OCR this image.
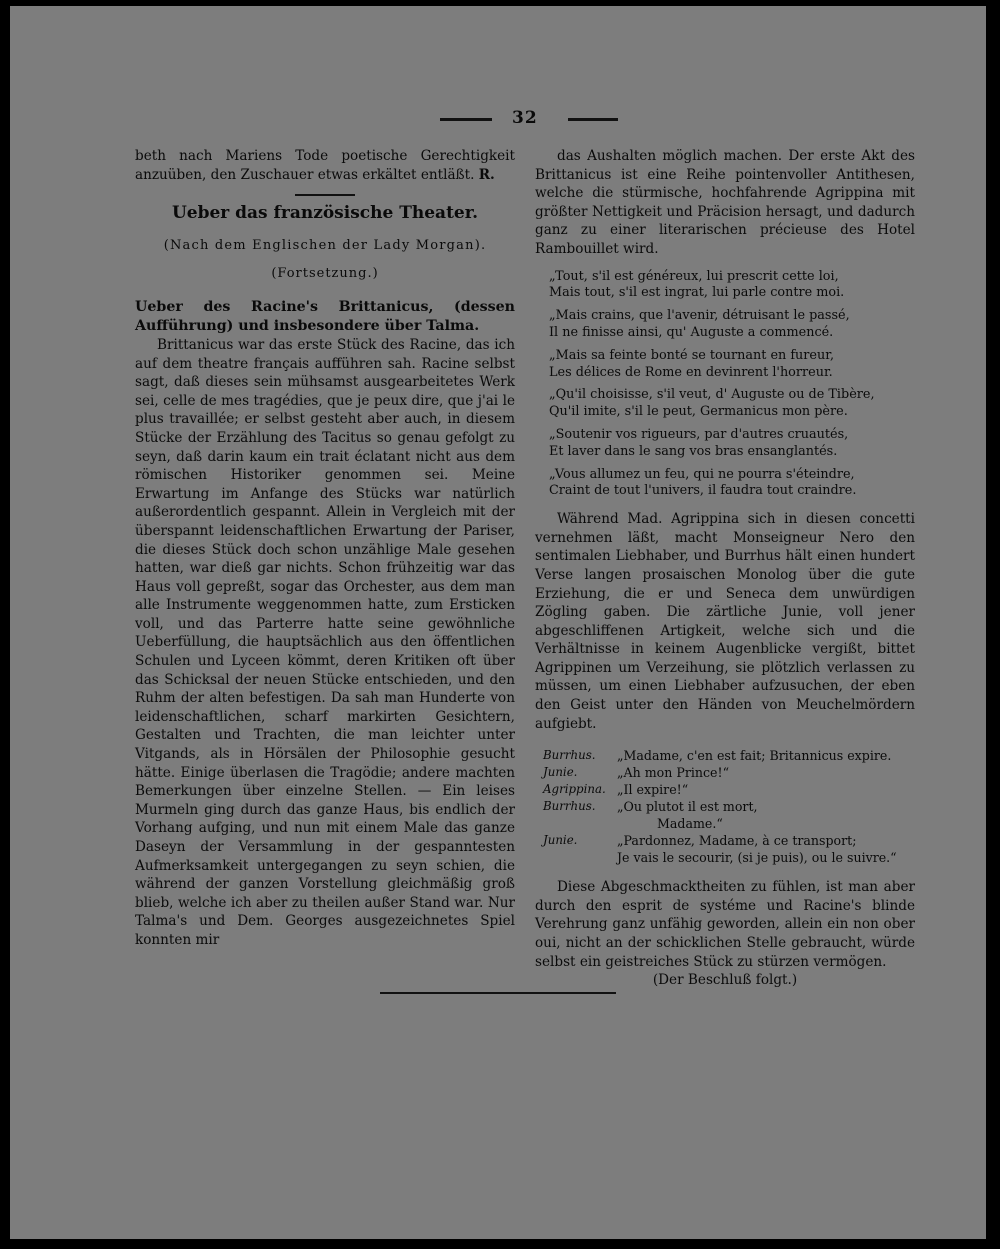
32

beth nach Mariens Tode poetische Gerechtigkeit anzuüben, den Zuschauer etwas erkältet entläßt. R.

Ueber das französische Theater.
(Nach dem Englischen der Lady Morgan).
(Fortsetzung.)

Ueber des Racine's Brittanicus, (dessen Aufführung) und insbesondere über Talma.

Brittanicus war das erste Stück des Racine, das ich auf dem theatre français aufführen sah. Racine selbst sagt, daß dieses sein mühsamst ausgearbeitetes Werk sei, celle de mes tragédies, que je peux dire, que j'ai le plus travaillée; er selbst gesteht aber auch, in diesem Stücke der Erzählung des Tacitus so genau gefolgt zu seyn, daß darin kaum ein trait éclatant nicht aus dem römischen Historiker genommen sei. Meine Erwartung im Anfange des Stücks war natürlich außerordentlich gespannt. Allein in Vergleich mit der überspannt leidenschaftlichen Erwartung der Pariser, die dieses Stück doch schon unzählige Male gesehen hatten, war dieß gar nichts. Schon frühzeitig war das Haus voll gepreßt, sogar das Orchester, aus dem man alle Instrumente weggenommen hatte, zum Ersticken voll, und das Parterre hatte seine gewöhnliche Ueberfüllung, die hauptsächlich aus den öffentlichen Schulen und Lyceen kömmt, deren Kritiken oft über das Schicksal der neuen Stücke entschieden, und den Ruhm der alten befestigen. Da sah man Hunderte von leidenschaftlichen, scharf markirten Gesichtern, Gestalten und Trachten, die man leichter unter Vitgands, als in Hörsälen der Philosophie gesucht hätte. Einige überlasen die Tragödie; andere machten Bemerkungen über einzelne Stellen. — Ein leises Murmeln ging durch das ganze Haus, bis endlich der Vorhang aufging, und nun mit einem Male das ganze Daseyn der Versammlung in der gespanntesten Aufmerksamkeit untergegangen zu seyn schien, die während der ganzen Vorstellung gleichmäßig groß blieb, welche ich aber zu theilen außer Stand war. Nur Talma's und Dem. Georges ausgezeichnetes Spiel konnten mir

das Aushalten möglich machen. Der erste Akt des Brittanicus ist eine Reihe pointenvoller Antithesen, welche die stürmische, hochfahrende Agrippina mit größter Nettigkeit und Präcision hersagt, und dadurch ganz zu einer literarischen précieuse des Hotel Rambouillet wird.

„Tout, s'il est généreux, lui prescrit cette loi,
Mais tout, s'il est ingrat, lui parle contre moi.
„Mais crains, que l'avenir, détruisant le passé,
Il ne finisse ainsi, qu' Auguste a commencé.
„Mais sa feinte bonté se tournant en fureur,
Les délices de Rome en devinrent l'horreur.
„Qu'il choisisse, s'il veut, d' Auguste ou de Tibère,
Qu'il imite, s'il le peut, Germanicus mon père.
„Soutenir vos rigueurs, par d'autres cruautés,
Et laver dans le sang vos bras ensanglantés.
„Vous allumez un feu, qui ne pourra s'éteindre,
Craint de tout l'univers, il faudra tout craindre.

Während Mad. Agrippina sich in diesen concetti vernehmen läßt, macht Monseigneur Nero den sentimalen Liebhaber, und Burrhus hält einen hundert Verse langen prosaischen Monolog über die gute Erziehung, die er und Seneca dem unwürdigen Zögling gaben. Die zärtliche Junie, voll jener abgeschliffenen Artigkeit, welche sich und die Verhältnisse in keinem Augenblicke vergißt, bittet Agrippinen um Verzeihung, sie plötzlich verlassen zu müssen, um einen Liebhaber aufzusuchen, der eben den Geist unter den Händen von Meuchelmördern aufgiebt.

Burrhus.	„Madame, c'en est fait; Britannicus expire.
Junie.	„Ah mon Prince!“
Agrippina. „Il expire!“
Burrhus.	„Ou plutot il est mort,
Madame.“
Junie.	„Pardonnez, Madame, à ce transport;
Je vais le secourir, (si je puis), ou le suivre.“

Diese Abgeschmacktheiten zu fühlen, ist man aber durch den esprit de systéme und Racine's blinde Verehrung ganz unfähig geworden, allein ein non ober oui, nicht an der schicklichen Stelle gebraucht, würde selbst ein geistreiches Stück zu stürzen vermögen.

(Der Beschluß folgt.)
